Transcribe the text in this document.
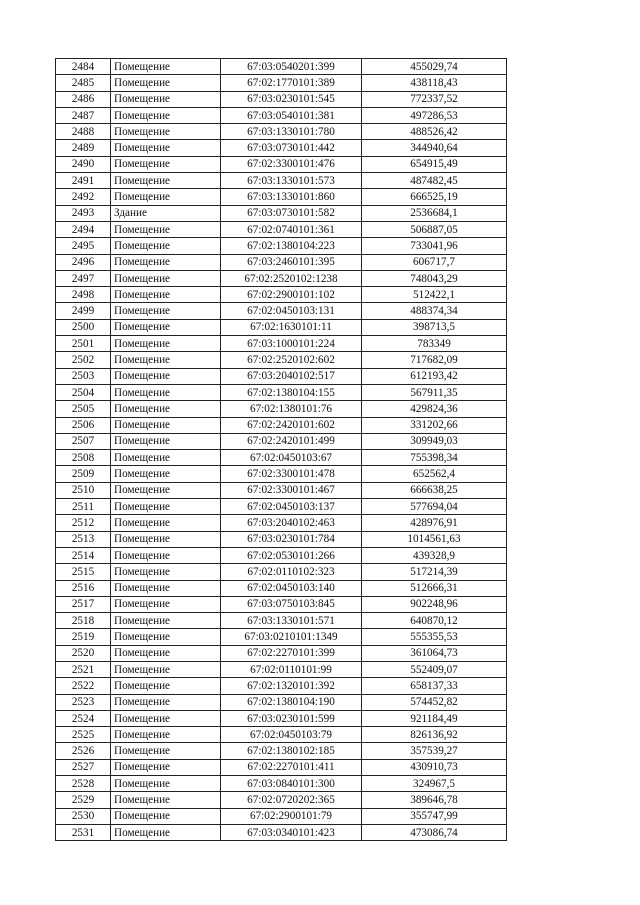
2484	Помещение	67:03:0540201:399	455029,74
2485	Помещение	67:02:1770101:389	438118,43
2486	Помещение	67:03:0230101:545	772337,52
2487	Помещение	67:03:0540101:381	497286,53
2488	Помещение	67:03:1330101:780	488526,42
2489	Помещение	67:03:0730101:442	344940,64
2490	Помещение	67:02:3300101:476	654915,49
2491	Помещение	67:03:1330101:573	487482,45
2492	Помещение	67:03:1330101:860	666525,19
2493	Здание	67:03:0730101:582	2536684,1
2494	Помещение	67:02:0740101:361	506887,05
2495	Помещение	67:02:1380104:223	733041,96
2496	Помещение	67:03:2460101:395	606717,7
2497	Помещение	67:02:2520102:1238	748043,29
2498	Помещение	67:02:2900101:102	512422,1
2499	Помещение	67:02:0450103:131	488374,34
2500	Помещение	67:02:1630101:11	398713,5
2501	Помещение	67:03:1000101:224	783349
2502	Помещение	67:02:2520102:602	717682,09
2503	Помещение	67:03:2040102:517	612193,42
2504	Помещение	67:02:1380104:155	567911,35
2505	Помещение	67:02:1380101:76	429824,36
2506	Помещение	67:02:2420101:602	331202,66
2507	Помещение	67:02:2420101:499	309949,03
2508	Помещение	67:02:0450103:67	755398,34
2509	Помещение	67:02:3300101:478	652562,4
2510	Помещение	67:02:3300101:467	666638,25
2511	Помещение	67:02:0450103:137	577694,04
2512	Помещение	67:03:2040102:463	428976,91
2513	Помещение	67:03:0230101:784	1014561,63
2514	Помещение	67:02:0530101:266	439328,9
2515	Помещение	67:02:0110102:323	517214,39
2516	Помещение	67:02:0450103:140	512666,31
2517	Помещение	67:03:0750103:845	902248,96
2518	Помещение	67:03:1330101:571	640870,12
2519	Помещение	67:03:0210101:1349	555355,53
2520	Помещение	67:02:2270101:399	361064,73
2521	Помещение	67:02:0110101:99	552409,07
2522	Помещение	67:02:1320101:392	658137,33
2523	Помещение	67:02:1380104:190	574452,82
2524	Помещение	67:03:0230101:599	921184,49
2525	Помещение	67:02:0450103:79	826136,92
2526	Помещение	67:02:1380102:185	357539,27
2527	Помещение	67:02:2270101:411	430910,73
2528	Помещение	67:03:0840101:300	324967,5
2529	Помещение	67:02:0720202:365	389646,78
2530	Помещение	67:02:2900101:79	355747,99
2531	Помещение	67:03:0340101:423	473086,74
